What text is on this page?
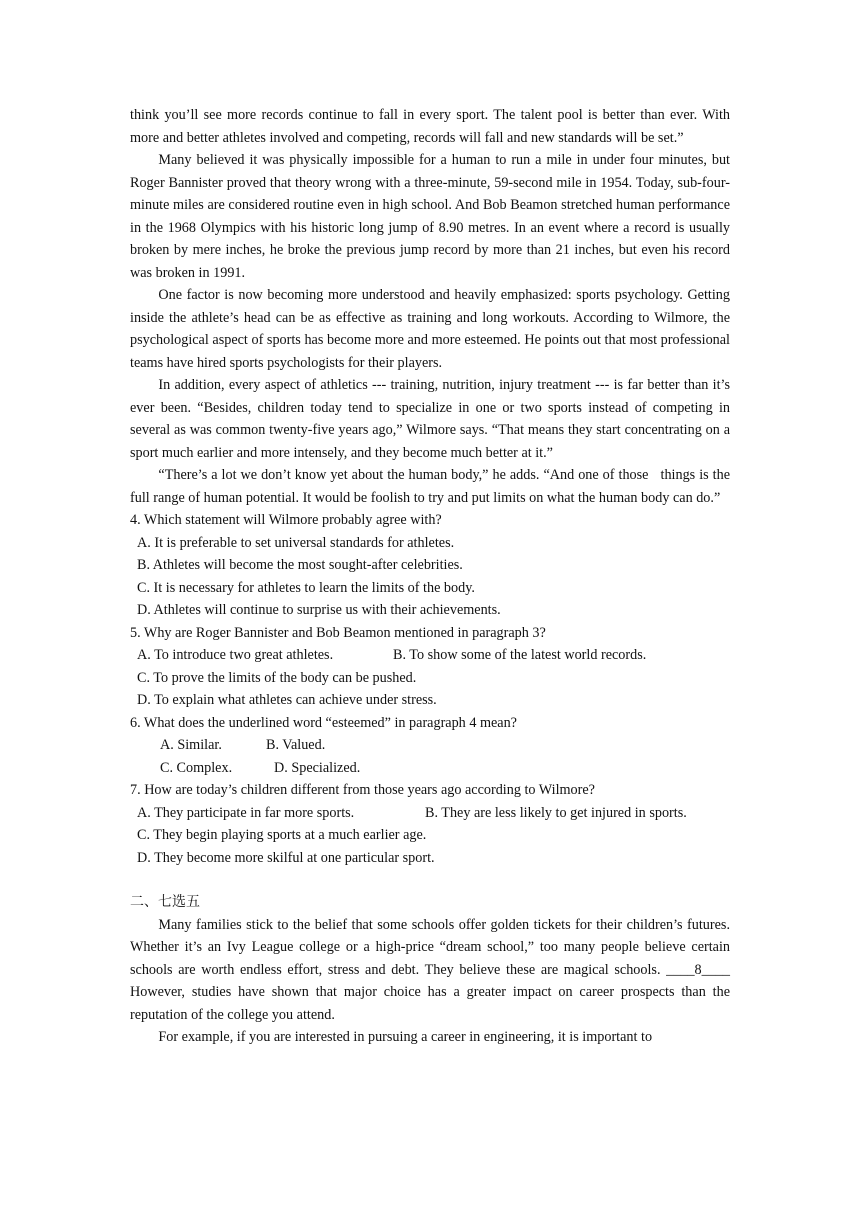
think you’ll see more records continue to fall in every sport. The talent pool is better than ever. With more and better athletes involved and competing, records will fall and new standards will be set.”

Many believed it was physically impossible for a human to run a mile in under four minutes, but Roger Bannister proved that theory wrong with a three-minute, 59-second mile in 1954. Today, sub-four-minute miles are considered routine even in high school. And Bob Beamon stretched human performance in the 1968 Olympics with his historic long jump of 8.90 metres. In an event where a record is usually broken by mere inches, he broke the previous jump record by more than 21 inches, but even his record was broken in 1991.

One factor is now becoming more understood and heavily emphasized: sports psychology. Getting inside the athlete’s head can be as effective as training and long workouts. According to Wilmore, the psychological aspect of sports has become more and more esteemed. He points out that most professional teams have hired sports psychologists for their players.

In addition, every aspect of athletics --- training, nutrition, injury treatment --- is far better than it’s ever been. “Besides, children today tend to specialize in one or two sports instead of competing in several as was common twenty-five years ago,” Wilmore says. “That means they start concentrating on a sport much earlier and more intensely, and they become much better at it.”

“There’s a lot we don’t know yet about the human body,” he adds. “And one of those   things is the full range of human potential. It would be foolish to try and put limits on what the human body can do.”

4. Which statement will Wilmore probably agree with?

A. It is preferable to set universal standards for athletes.

B. Athletes will become the most sought-after celebrities.

C. It is necessary for athletes to learn the limits of the body.

D. Athletes will continue to surprise us with their achievements.

5. Why are Roger Bannister and Bob Beamon mentioned in paragraph 3?

A. To introduce two great athletes.	B. To show some of the latest world records.

C. To prove the limits of the body can be pushed.

D. To explain what athletes can achieve under stress.

6. What does the underlined word “esteemed” in paragraph 4 mean?

A. Similar.	B. Valued.
C. Complex.	D. Specialized.

7. How are today’s children different from those years ago according to Wilmore?

A. They participate in far more sports.	B. They are less likely to get injured in sports.

C. They begin playing sports at a much earlier age.

D. They become more skilful at one particular sport.

二、七选五

Many families stick to the belief that some schools offer golden tickets for their children’s futures. Whether it’s an Ivy League college or a high-price “dream school,” too many people believe certain schools are worth endless effort, stress and debt. They believe these are magical schools. ____8____    However, studies have shown that major choice has a greater impact on career prospects than the reputation of the college you attend.

For example, if you are interested in pursuing a career in engineering, it is important to
